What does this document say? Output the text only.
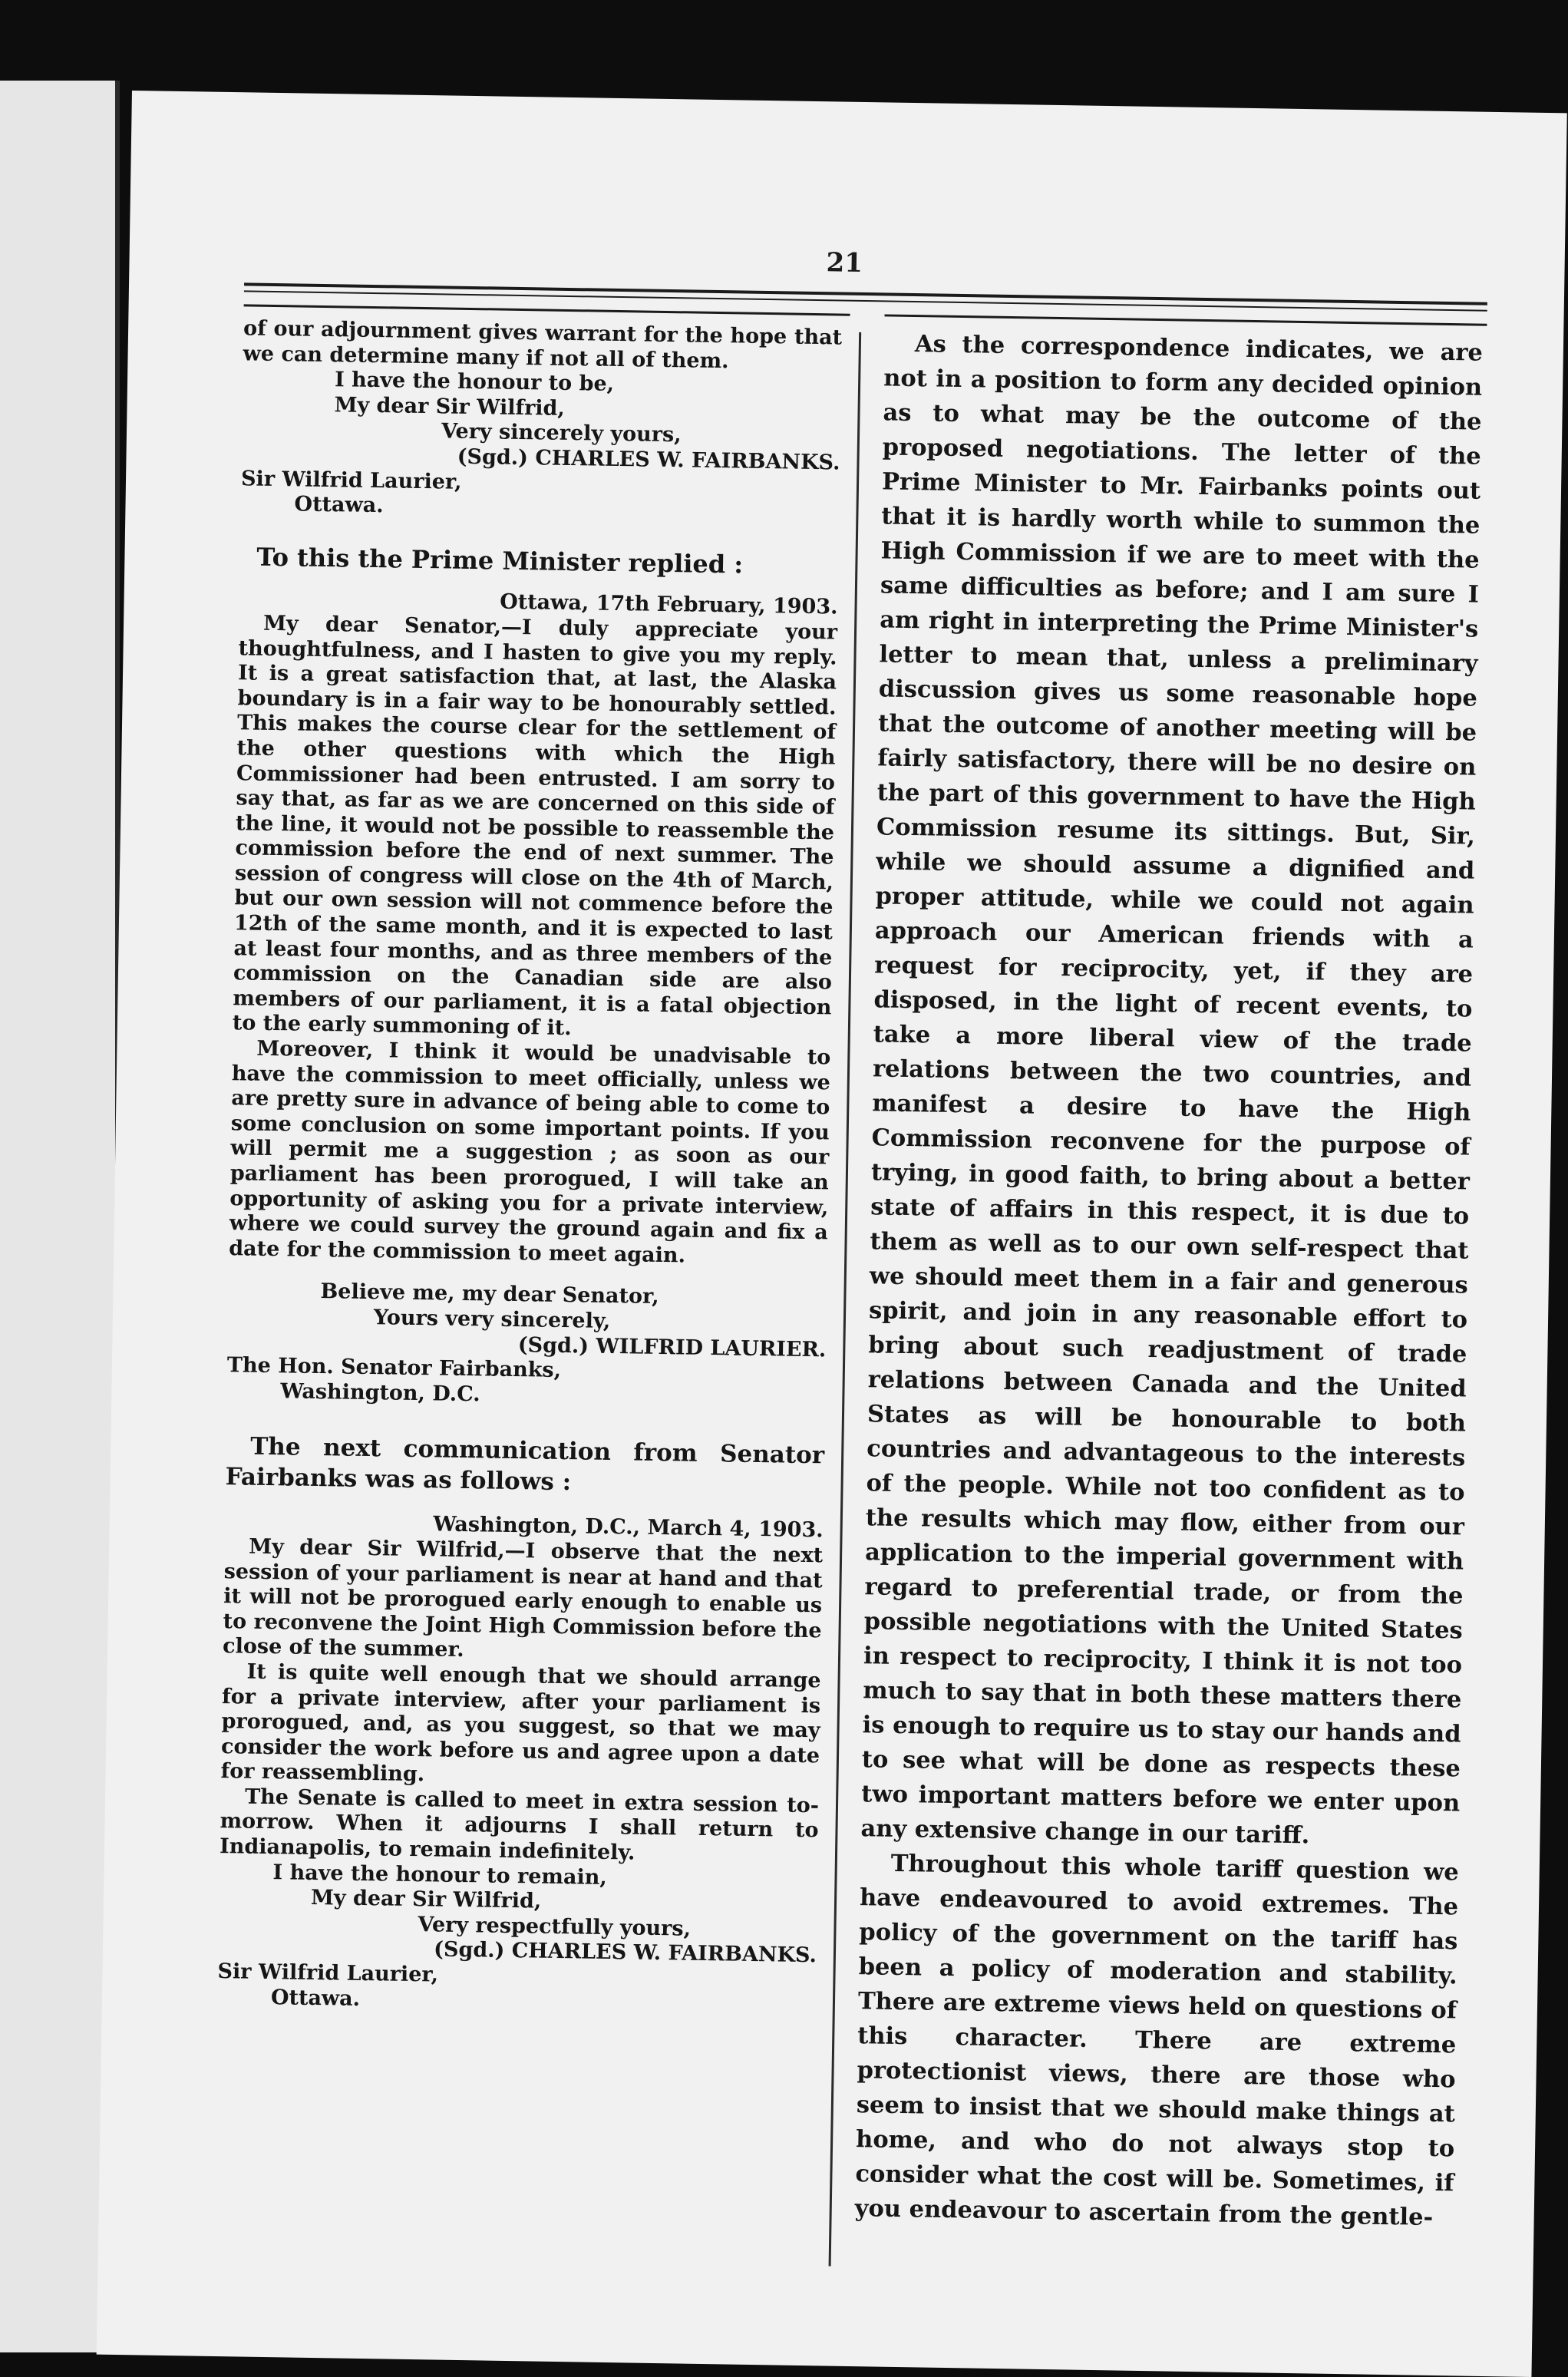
21

of our adjournment gives warrant for the hope that we can determine many if not all of them.

I have the honour to be,

My dear Sir Wilfrid,

Very sincerely yours,

(Sgd.) CHARLES W. FAIRBANKS.

Sir Wilfrid Laurier,

Ottawa.

To this the Prime Minister replied :

Ottawa, 17th February, 1903.

My dear Senator,—I duly appreciate your thoughtfulness, and I hasten to give you my reply. It is a great satisfaction that, at last, the Alaska boundary is in a fair way to be honourably settled. This makes the course clear for the settlement of the other questions with which the High Commissioner had been entrusted. I am sorry to say that, as far as we are concerned on this side of the line, it would not be possible to reassemble the commission before the end of next summer. The session of congress will close on the 4th of March, but our own session will not commence before the 12th of the same month, and it is expected to last at least four months, and as three members of the commission on the Canadian side are also members of our parliament, it is a fatal objection to the early summoning of it.

Moreover, I think it would be unadvisable to have the commission to meet officially, unless we are pretty sure in advance of being able to come to some conclusion on some important points. If you will permit me a suggestion ; as soon as our parliament has been prorogued, I will take an opportunity of asking you for a private interview, where we could survey the ground again and fix a date for the commission to meet again.

Believe me, my dear Senator,

Yours very sincerely,

(Sgd.) WILFRID LAURIER.

The Hon. Senator Fairbanks,

Washington, D.C.

The next communication from Senator Fairbanks was as follows :

Washington, D.C., March 4, 1903.

My dear Sir Wilfrid,—I observe that the next session of your parliament is near at hand and that it will not be prorogued early enough to enable us to reconvene the Joint High Commission before the close of the summer.

It is quite well enough that we should arrange for a private interview, after your parliament is prorogued, and, as you suggest, so that we may consider the work before us and agree upon a date for reassembling.

The Senate is called to meet in extra session to-morrow. When it adjourns I shall return to Indianapolis, to remain indefinitely.

I have the honour to remain,

My dear Sir Wilfrid,

Very respectfully yours,

(Sgd.) CHARLES W. FAIRBANKS.

Sir Wilfrid Laurier,

Ottawa.

As the correspondence indicates, we are not in a position to form any decided opinion as to what may be the outcome of the proposed negotiations. The letter of the Prime Minister to Mr. Fairbanks points out that it is hardly worth while to summon the High Commission if we are to meet with the same difficulties as before; and I am sure I am right in interpreting the Prime Minister's letter to mean that, unless a preliminary discussion gives us some reasonable hope that the outcome of another meeting will be fairly satisfactory, there will be no desire on the part of this government to have the High Commission resume its sittings. But, Sir, while we should assume a dignified and proper attitude, while we could not again approach our American friends with a request for reciprocity, yet, if they are disposed, in the light of recent events, to take a more liberal view of the trade relations between the two countries, and manifest a desire to have the High Commission reconvene for the purpose of trying, in good faith, to bring about a better state of affairs in this respect, it is due to them as well as to our own self-respect that we should meet them in a fair and generous spirit, and join in any reasonable effort to bring about such readjustment of trade relations between Canada and the United States as will be honourable to both countries and advantageous to the interests of the people. While not too confident as to the results which may flow, either from our application to the imperial government with regard to preferential trade, or from the possible negotiations with the United States in respect to reciprocity, I think it is not too much to say that in both these matters there is enough to require us to stay our hands and to see what will be done as respects these two important matters before we enter upon any extensive change in our tariff.

Throughout this whole tariff question we have endeavoured to avoid extremes. The policy of the government on the tariff has been a policy of moderation and stability. There are extreme views held on questions of this character. There are extreme protectionist views, there are those who seem to insist that we should make things at home, and who do not always stop to consider what the cost will be. Sometimes, if you endeavour to ascertain from the gentle-
